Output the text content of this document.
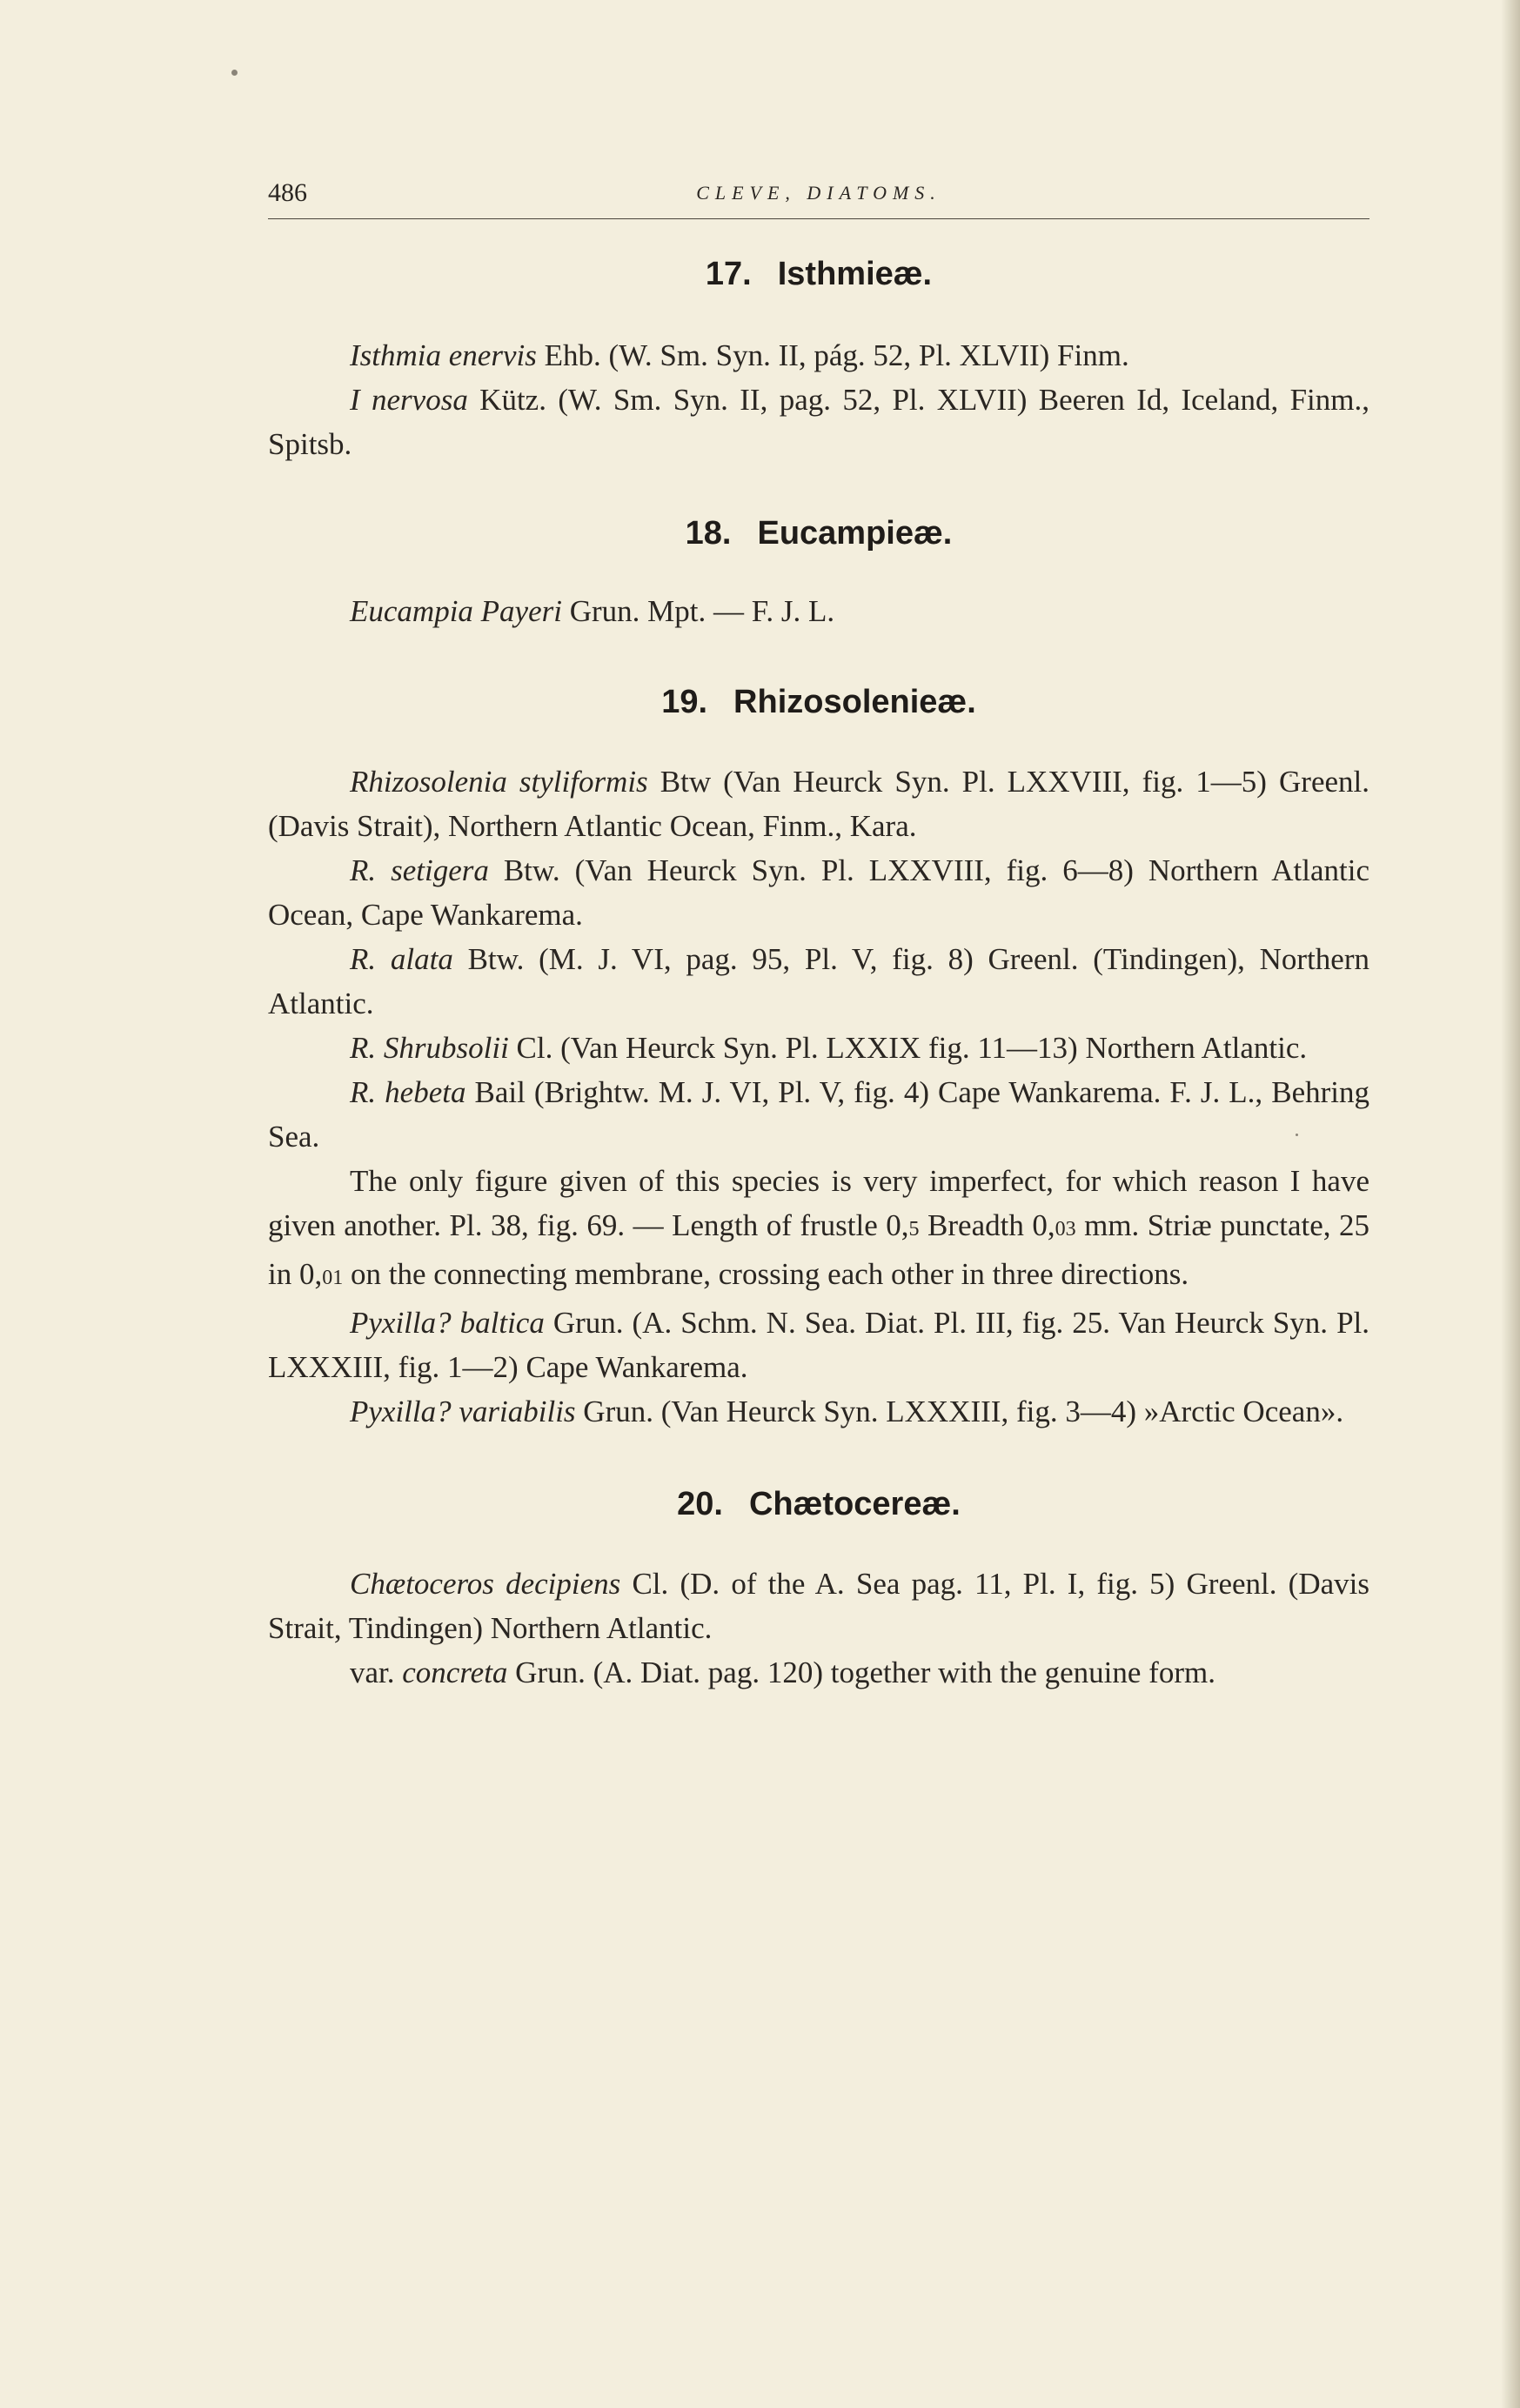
486	CLEVE, DIATOMS.
17. Isthmieæ.

Isthmia enervis Ehb. (W. Sm. Syn. II, pág. 52, Pl. XLVII) Finm.

I nervosa Kütz. (W. Sm. Syn. II, pag. 52, Pl. XLVII) Beeren Id, Iceland, Finm., Spitsb.

18. Eucampieæ.

Eucampia Payeri Grun. Mpt. — F. J. L.

19. Rhizosolenieæ.

Rhizosolenia styliformis Btw (Van Heurck Syn. Pl. LXXVIII, fig. 1—5) Greenl. (Davis Strait), Northern Atlantic Ocean, Finm., Kara.

R. setigera Btw. (Van Heurck Syn. Pl. LXXVIII, fig. 6—8) Northern Atlantic Ocean, Cape Wankarema.

R. alata Btw. (M. J. VI, pag. 95, Pl. V, fig. 8) Greenl. (Tindingen), Northern Atlantic.

R. Shrubsolii Cl. (Van Heurck Syn. Pl. LXXIX fig. 11—13) Northern Atlantic.

R. hebeta Bail (Brightw. M. J. VI, Pl. V, fig. 4) Cape Wankarema. F. J. L., Behring Sea.

The only figure given of this species is very imperfect, for which reason I have given another. Pl. 38, fig. 69. — Length of frustle 0,5 Breadth 0,03 mm. Striæ punctate, 25 in 0,01 on the connecting membrane, crossing each other in three directions.

Pyxilla? baltica Grun. (A. Schm. N. Sea. Diat. Pl. III, fig. 25. Van Heurck Syn. Pl. LXXXIII, fig. 1—2) Cape Wankarema.

Pyxilla? variabilis Grun. (Van Heurck Syn. LXXXIII, fig. 3—4) »Arctic Ocean».

20. Chætocereæ.

Chætoceros decipiens Cl. (D. of the A. Sea pag. 11, Pl. I, fig. 5) Greenl. (Davis Strait, Tindingen) Northern Atlantic.

var. concreta Grun. (A. Diat. pag. 120) together with the genuine form.
